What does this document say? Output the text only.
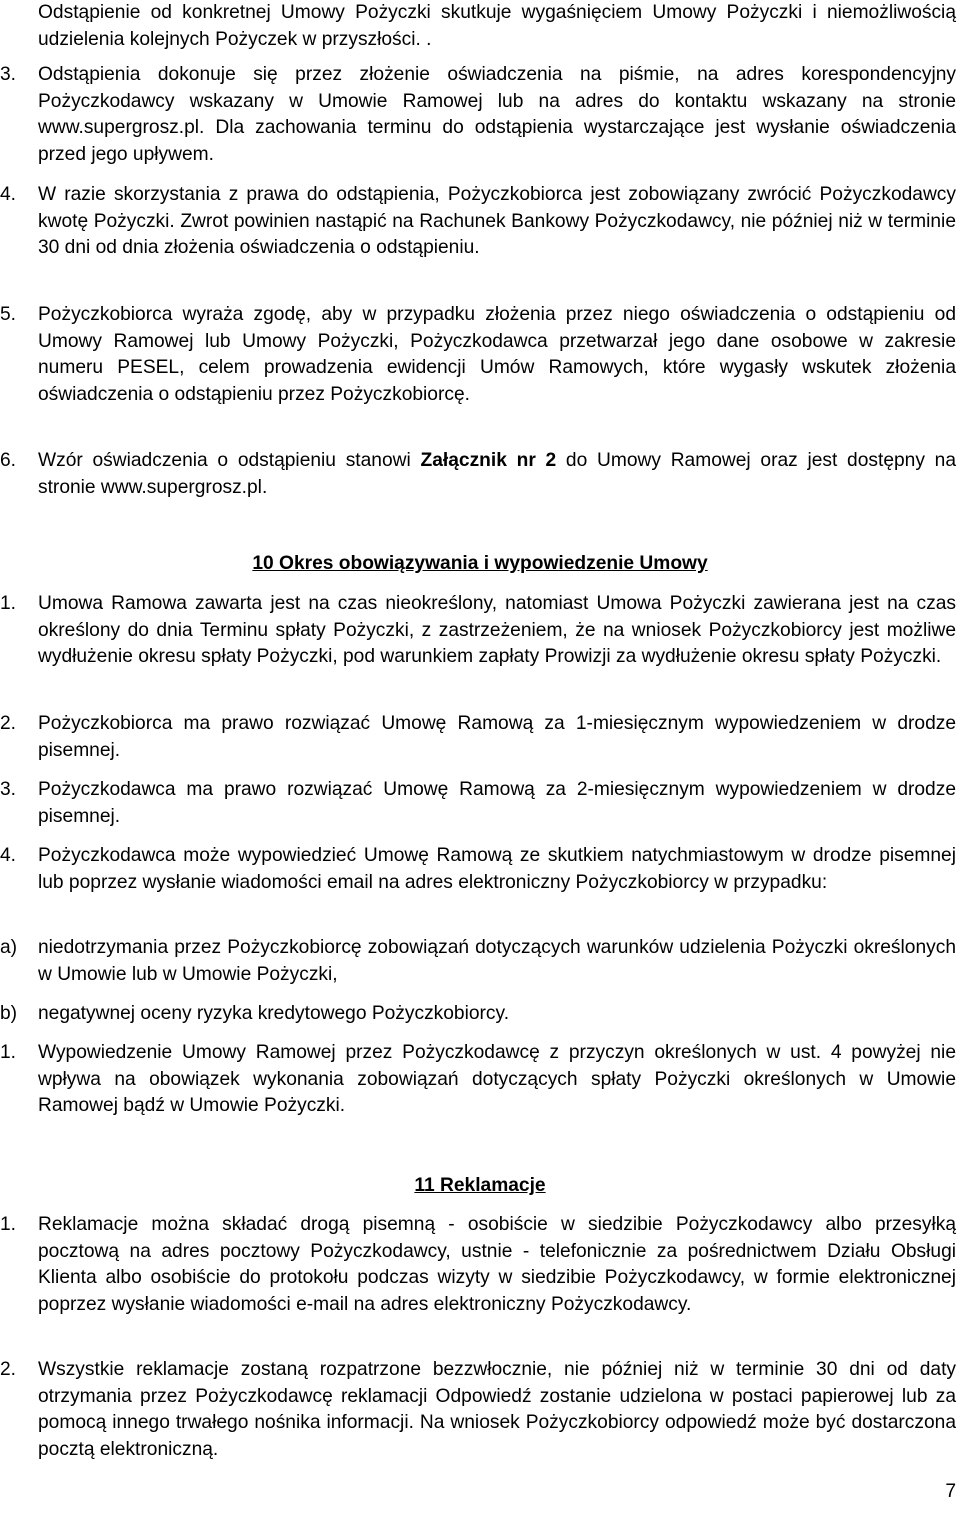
Odstąpienie od konkretnej Umowy Pożyczki skutkuje wygaśnięciem Umowy Pożyczki i niemożliwością udzielenia kolejnych Pożyczek w przyszłości. .
3.	Odstąpienia dokonuje się przez złożenie oświadczenia na piśmie, na adres korespondencyjny Pożyczkodawcy wskazany w Umowie Ramowej lub na adres do kontaktu wskazany na stronie www.supergrosz.pl. Dla zachowania terminu do odstąpienia wystarczające jest wysłanie oświadczenia przed jego upływem.
4.	W razie skorzystania z prawa do odstąpienia, Pożyczkobiorca jest zobowiązany zwrócić Pożyczkodawcy kwotę Pożyczki. Zwrot powinien nastąpić na Rachunek Bankowy Pożyczkodawcy, nie później niż w terminie 30 dni od dnia złożenia oświadczenia o odstąpieniu.
5.	Pożyczkobiorca wyraża zgodę, aby w przypadku złożenia przez niego oświadczenia o odstąpieniu od Umowy Ramowej lub Umowy Pożyczki, Pożyczkodawca przetwarzał jego dane osobowe w zakresie numeru PESEL, celem prowadzenia ewidencji Umów Ramowych, które wygasły wskutek złożenia oświadczenia o odstąpieniu przez Pożyczkobiorcę.
6.	Wzór oświadczenia o odstąpieniu stanowi Załącznik nr 2 do Umowy Ramowej oraz jest dostępny na stronie www.supergrosz.pl.
10 Okres obowiązywania i wypowiedzenie Umowy
1.	Umowa Ramowa zawarta jest na czas nieokreślony, natomiast Umowa Pożyczki zawierana jest na czas określony do dnia Terminu spłaty Pożyczki, z zastrzeżeniem, że na wniosek Pożyczkobiorcy jest możliwe wydłużenie okresu spłaty Pożyczki, pod warunkiem zapłaty Prowizji za wydłużenie okresu spłaty Pożyczki.
2.	Pożyczkobiorca ma prawo rozwiązać Umowę Ramową za 1-miesięcznym wypowiedzeniem w drodze pisemnej.
3.	Pożyczkodawca ma prawo rozwiązać Umowę Ramową za 2-miesięcznym wypowiedzeniem w drodze pisemnej.
4.	Pożyczkodawca może wypowiedzieć Umowę Ramową ze skutkiem natychmiastowym w drodze pisemnej lub poprzez wysłanie wiadomości email na adres elektroniczny Pożyczkobiorcy w przypadku:
a)	niedotrzymania przez Pożyczkobiorcę zobowiązań dotyczących warunków udzielenia Pożyczki określonych w Umowie lub w Umowie Pożyczki,
b)	negatywnej oceny ryzyka kredytowego Pożyczkobiorcy.
1.	Wypowiedzenie Umowy Ramowej przez Pożyczkodawcę z przyczyn określonych w ust. 4 powyżej nie wpływa na obowiązek wykonania zobowiązań dotyczących spłaty Pożyczki określonych w Umowie Ramowej bądź w Umowie Pożyczki.
11 Reklamacje
1.	Reklamacje można składać drogą pisemną - osobiście w siedzibie Pożyczkodawcy albo przesyłką pocztową na adres pocztowy Pożyczkodawcy, ustnie - telefonicznie za pośrednictwem Działu Obsługi Klienta albo osobiście do protokołu podczas wizyty w siedzibie Pożyczkodawcy, w formie elektronicznej poprzez wysłanie wiadomości e-mail na adres elektroniczny Pożyczkodawcy.
2.	Wszystkie reklamacje zostaną rozpatrzone bezzwłocznie, nie później niż w terminie 30 dni od daty otrzymania przez Pożyczkodawcę reklamacji Odpowiedź zostanie udzielona w postaci papierowej lub za pomocą innego trwałego nośnika informacji. Na wniosek Pożyczkobiorcy odpowiedź może być dostarczona pocztą elektroniczną.
7
